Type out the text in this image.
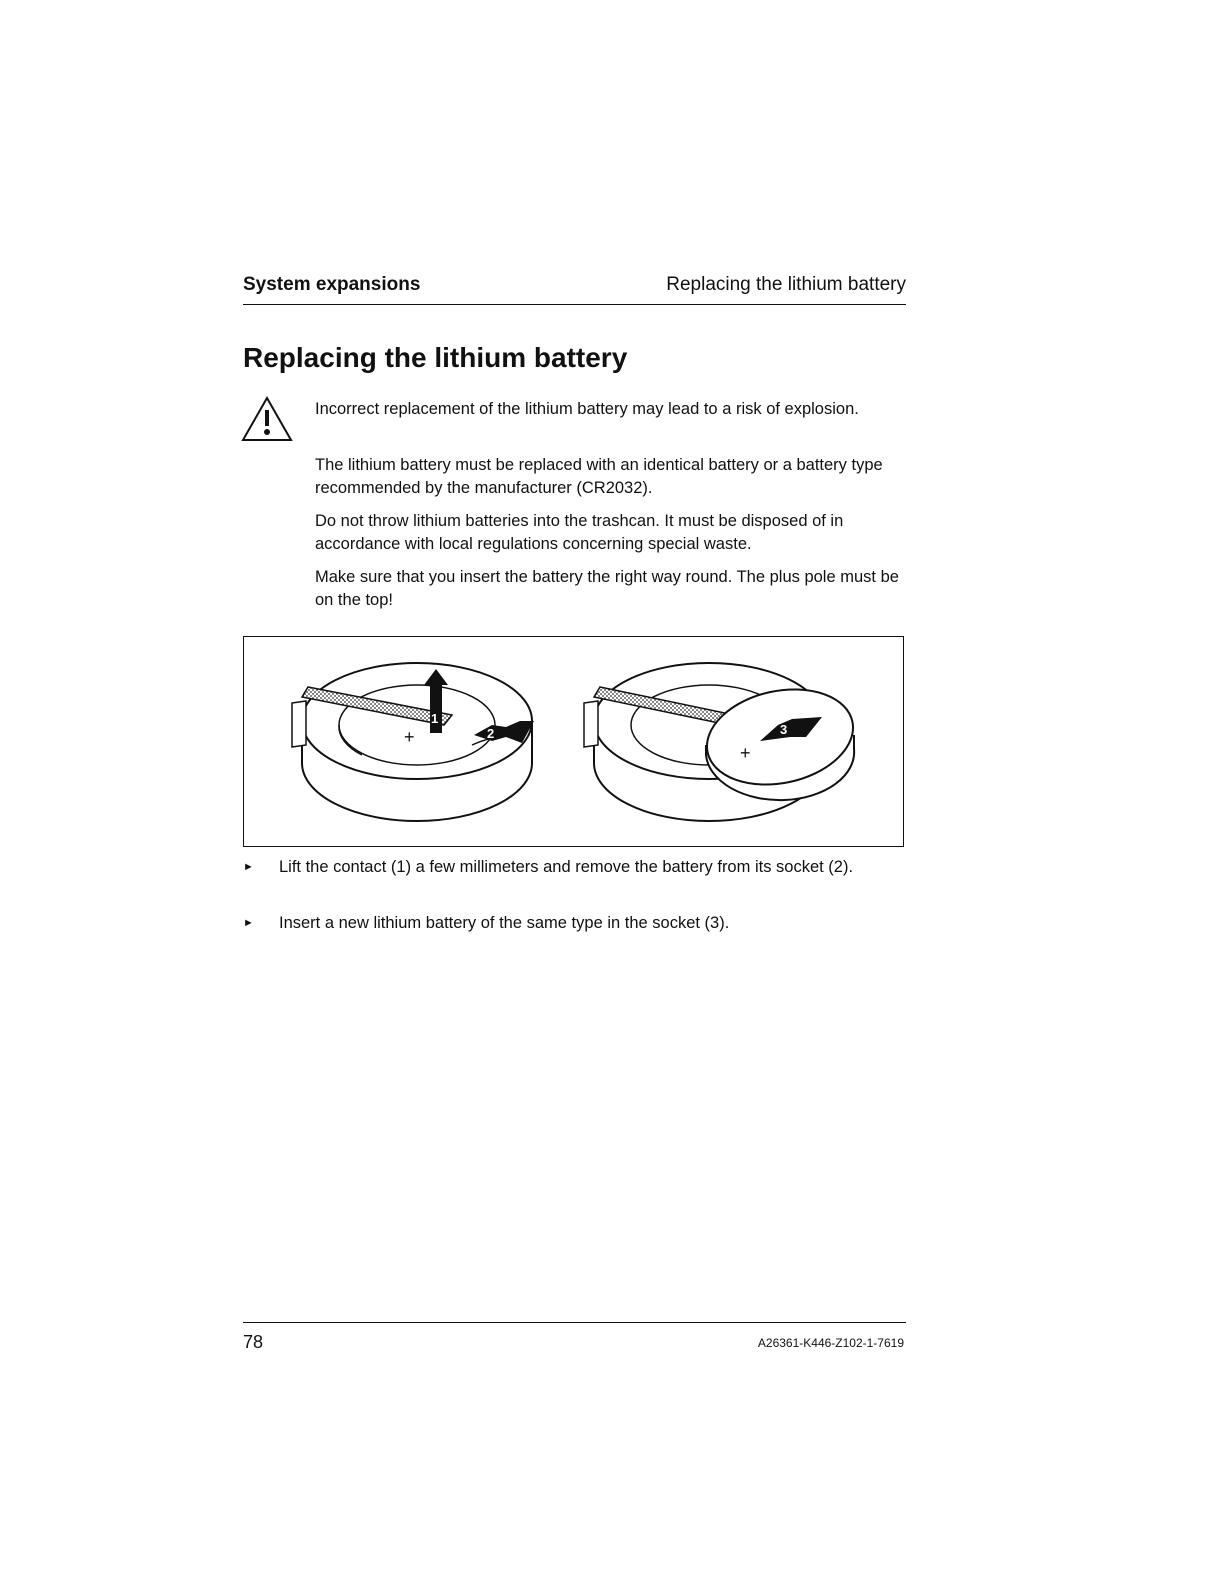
System expansions	Replacing the lithium battery
Replacing the lithium battery

Incorrect replacement of the lithium battery may lead to a risk of explosion.

The lithium battery must be replaced with an identical battery or a battery type recommended by the manufacturer (CR2032).

Do not throw lithium batteries into the trashcan. It must be disposed of in accordance with local regulations concerning special waste.

Make sure that you insert the battery the right way round. The plus pole must be on the top!

+
1
2
+
3
► Lift the contact (1) a few millimeters and remove the battery from its socket (2).
► Insert a new lithium battery of the same type in the socket (3).
78	A26361-K446-Z102-1-7619
